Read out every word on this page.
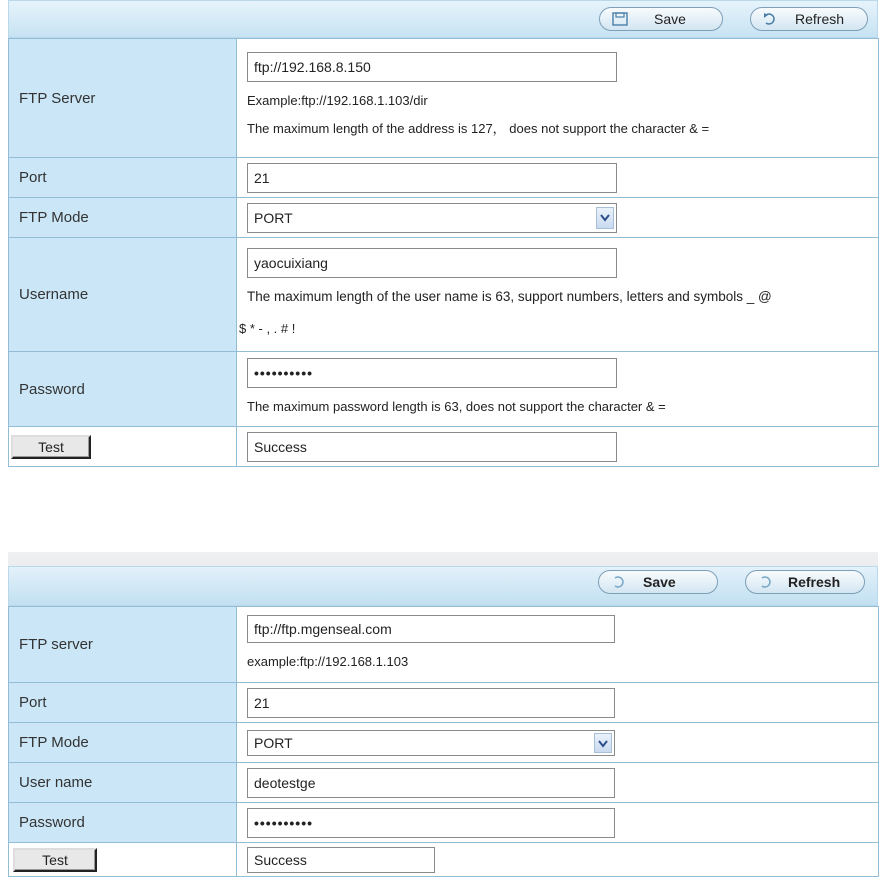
Save	Refresh
FTP Server	ftp://192.168.8.150
Example:ftp://192.168.1.103/dir
The maximum length of the address is 127， does not support the character & =

Port	21

FTP Mode	PORT

Username	yaocuixiang
The maximum length of the user name is 63, support numbers, letters and symbols _ @
$ * - , . # !

Password	••••••••••
The maximum password length is 63, does not support the character & =

Test	Success
Save	Refresh
FTP server	ftp://ftp.mgenseal.com
example:ftp://192.168.1.103

Port	21

FTP Mode	PORT

User name	deotestge

Password	••••••••••

Test	Success
